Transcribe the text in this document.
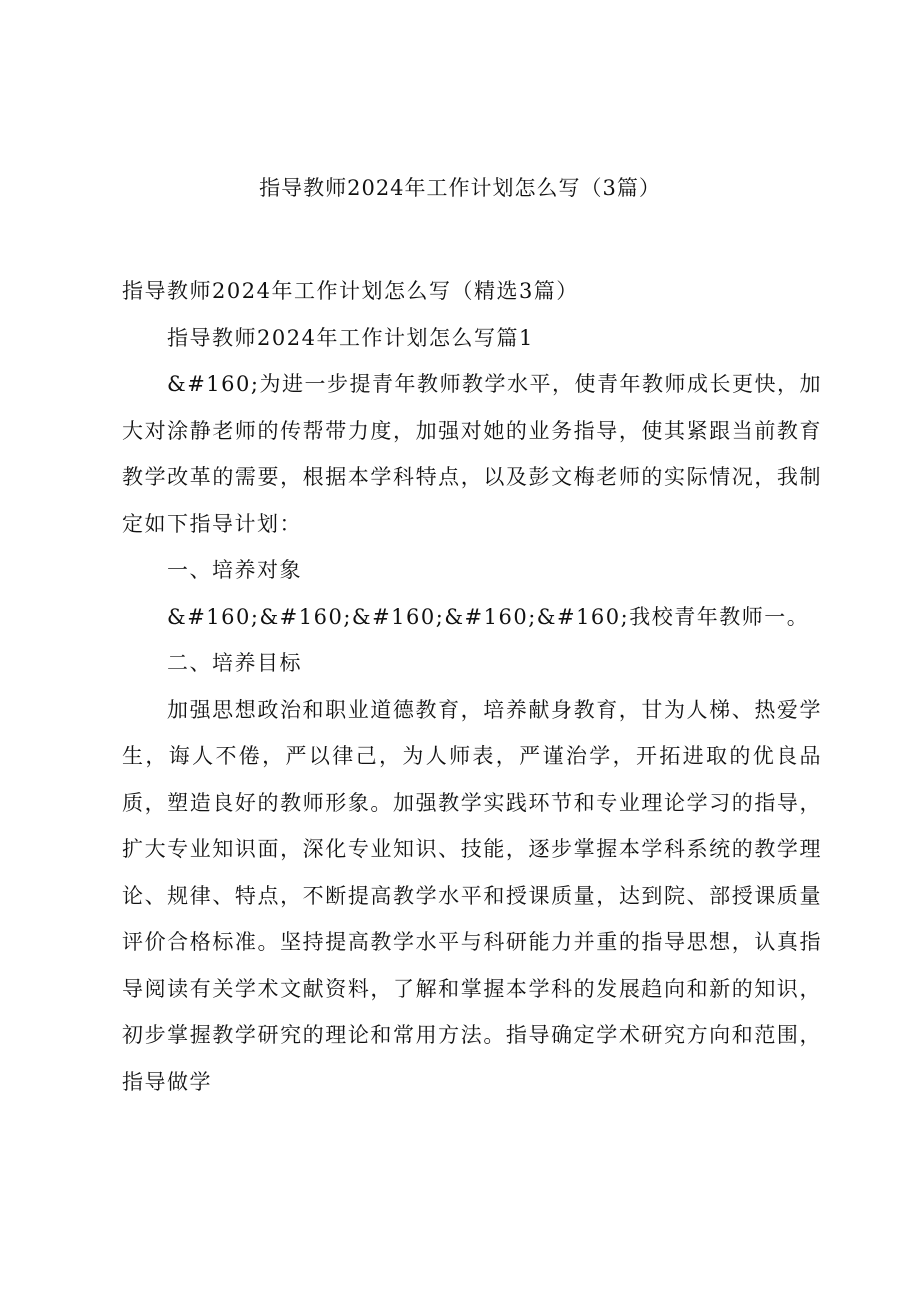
指导教师2024年工作计划怎么写（3篇）

指导教师2024年工作计划怎么写（精选3篇）

指导教师2024年工作计划怎么写篇1

&#160;为进一步提青年教师教学水平，使青年教师成长更快，加大对涂静老师的传帮带力度，加强对她的业务指导，使其紧跟当前教育教学改革的需要，根据本学科特点，以及彭文梅老师的实际情况，我制定如下指导计划：

一、培养对象

&#160;&#160;&#160;&#160;&#160;我校青年教师一。

二、培养目标

加强思想政治和职业道德教育，培养献身教育，甘为人梯、热爱学生，诲人不倦，严以律己，为人师表，严谨治学，开拓进取的优良品质，塑造良好的教师形象。加强教学实践环节和专业理论学习的指导，扩大专业知识面，深化专业知识、技能，逐步掌握本学科系统的教学理论、规律、特点，不断提高教学水平和授课质量，达到院、部授课质量评价合格标准。坚持提高教学水平与科研能力并重的指导思想，认真指导阅读有关学术文献资料，了解和掌握本学科的发展趋向和新的知识，初步掌握教学研究的理论和常用方法。指导确定学术研究方向和范围，指导做学
